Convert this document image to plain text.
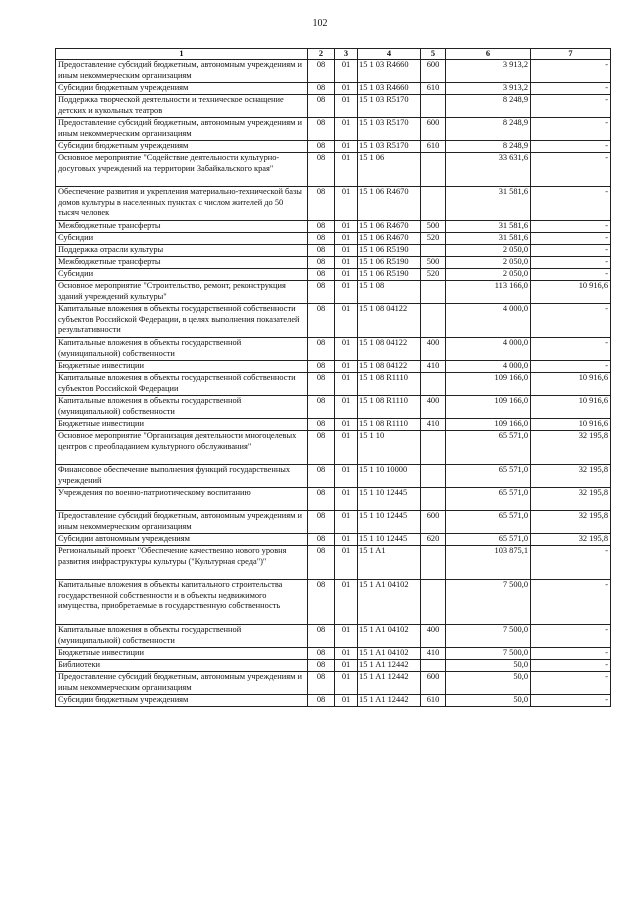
102
1	2	3	4	5	6	7
Предоставление субсидий бюджетным, автономным учреждениям и иным некоммерческим организациям	08	01	15 1 03 R4660	600	3 913,2	-
Субсидии бюджетным учреждениям	08	01	15 1 03 R4660	610	3 913,2	-
Поддержка творческой деятельности и техническое оснащение детских и кукольных театров	08	01	15 1 03 R5170		8 248,9	-
Предоставление субсидий бюджетным, автономным учреждениям и иным некоммерческим организациям	08	01	15 1 03 R5170	600	8 248,9	-
Субсидии бюджетным учреждениям	08	01	15 1 03 R5170	610	8 248,9	-
Основное мероприятие "Содействие деятельности культурно-досуговых учреждений на территории Забайкальского края"	08	01	15 1 06		33 631,6	-
Обеспечение развития и укрепления материально-технической базы домов культуры в населенных пунктах с числом жителей до 50 тысяч человек	08	01	15 1 06 R4670		31 581,6	-
Межбюджетные трансферты	08	01	15 1 06 R4670	500	31 581,6	-
Субсидии	08	01	15 1 06 R4670	520	31 581,6	-
Поддержка отрасли культуры	08	01	15 1 06 R5190		2 050,0	-
Межбюджетные трансферты	08	01	15 1 06 R5190	500	2 050,0	-
Субсидии	08	01	15 1 06 R5190	520	2 050,0	-
Основное мероприятие "Строительство, ремонт, реконструкция зданий учреждений культуры"	08	01	15 1 08		113 166,0	10 916,6
Капитальные вложения в объекты государственной собственности субъектов Российской Федерации, в целях выполнения показателей результативности	08	01	15 1 08 04122		4 000,0	-
Капитальные вложения в объекты государственной (муниципальной) собственности	08	01	15 1 08 04122	400	4 000,0	-
Бюджетные инвестиции	08	01	15 1 08 04122	410	4 000,0	-
Капитальные вложения в объекты государственной собственности субъектов Российской Федерации	08	01	15 1 08 R1110		109 166,0	10 916,6
Капитальные вложения в объекты государственной (муниципальной) собственности	08	01	15 1 08 R1110	400	109 166,0	10 916,6
Бюджетные инвестиции	08	01	15 1 08 R1110	410	109 166,0	10 916,6
Основное мероприятие "Организация деятельности многоцелевых центров с преобладанием культурного обслуживания"	08	01	15 1 10		65 571,0	32 195,8
Финансовое обеспечение выполнения функций государственных учреждений	08	01	15 1 10 10000		65 571,0	32 195,8
Учреждения по военно-патриотическому воспитанию	08	01	15 1 10 12445		65 571,0	32 195,8
Предоставление субсидий бюджетным, автономным учреждениям и иным некоммерческим организациям	08	01	15 1 10 12445	600	65 571,0	32 195,8
Субсидии автономным учреждениям	08	01	15 1 10 12445	620	65 571,0	32 195,8
Региональный проект "Обеспечение качественно нового уровня развития инфраструктуры культуры ("Культурная среда")"	08	01	15 1 A1		103 875,1	-
Капитальные вложения в объекты капитального строительства государственной собственности и в объекты недвижимого имущества, приобретаемые в государственную собственность	08	01	15 1 A1 04102		7 500,0	-
Капитальные вложения в объекты государственной (муниципальной) собственности	08	01	15 1 A1 04102	400	7 500,0	-
Бюджетные инвестиции	08	01	15 1 A1 04102	410	7 500,0	-
Библиотеки	08	01	15 1 A1 12442		50,0	-
Предоставление субсидий бюджетным, автономным учреждениям и иным некоммерческим организациям	08	01	15 1 A1 12442	600	50,0	-
Субсидии бюджетным учреждениям	08	01	15 1 A1 12442	610	50,0	-
